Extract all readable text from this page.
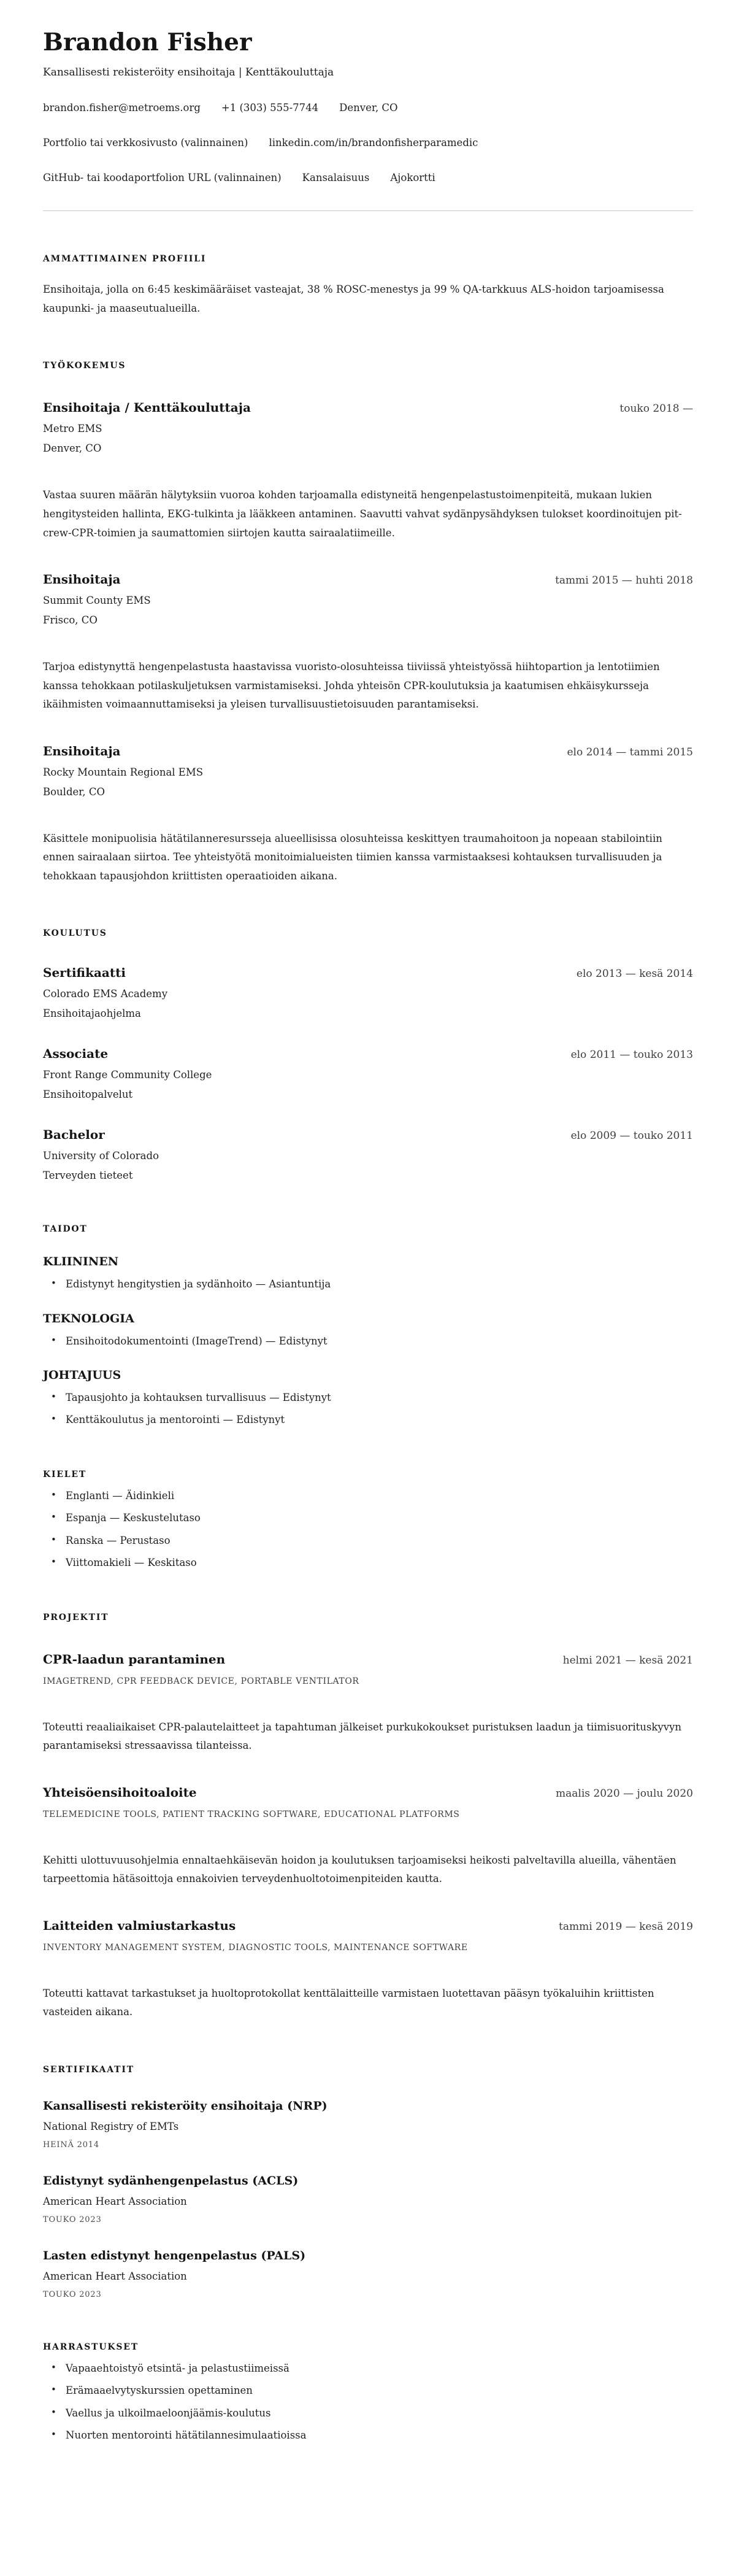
Brandon Fisher
Kansallisesti rekisteröity ensihoitaja | Kenttäkouluttaja
brandon.fisher@metroems.org +1 (303) 555-7744 Denver, CO
Portfolio tai verkkosivusto (valinnainen) linkedin.com/in/brandonfisherparamedic
GitHub- tai koodaportfolion URL (valinnainen) Kansalaisuus Ajokortti
AMMATTIMAINEN PROFIILI

Ensihoitaja, jolla on 6:45 keskimääräiset vasteajat, 38 % ROSC-menestys ja 99 % QA-tarkkuus ALS-hoidon tarjoamisessa kaupunki- ja maaseutualueilla.

TYÖKOKEMUS
Ensihoitaja / Kenttäkouluttaja	touko 2018 —
Metro EMS
Denver, CO

Vastaa suuren määrän hälytyksiin vuoroa kohden tarjoamalla edistyneitä hengenpelastustoimenpiteitä, mukaan lukien hengitysteiden hallinta, EKG-tulkinta ja lääkkeen antaminen. Saavutti vahvat sydänpysähdyksen tulokset koordinoitujen pit-crew-CPR-toimien ja saumattomien siirtojen kautta sairaalatiimeille.

Ensihoitaja	tammi 2015 — huhti 2018
Summit County EMS
Frisco, CO

Tarjoa edistynyttä hengenpelastusta haastavissa vuoristo-olosuhteissa tiiviissä yhteistyössä hiihtopartion ja lentotiimien kanssa tehokkaan potilaskuljetuksen varmistamiseksi. Johda yhteisön CPR-koulutuksia ja kaatumisen ehkäisykursseja ikäihmisten voimaannuttamiseksi ja yleisen turvallisuustietoisuuden parantamiseksi.

Ensihoitaja	elo 2014 — tammi 2015
Rocky Mountain Regional EMS
Boulder, CO

Käsittele monipuolisia hätätilanneresursseja alueellisissa olosuhteissa keskittyen traumahoitoon ja nopeaan stabilointiin ennen sairaalaan siirtoa. Tee yhteistyötä monitoimialueisten tiimien kanssa varmistaaksesi kohtauksen turvallisuuden ja tehokkaan tapausjohdon kriittisten operaatioiden aikana.

KOULUTUS
Sertifikaatti	elo 2013 — kesä 2014
Colorado EMS Academy
Ensihoitajaohjelma
Associate	elo 2011 — touko 2013
Front Range Community College
Ensihoitopalvelut
Bachelor	elo 2009 — touko 2011
University of Colorado
Terveyden tieteet
TAIDOT
KLIININEN
• Edistynyt hengitystien ja sydänhoito — Asiantuntija
TEKNOLOGIA
• Ensihoitodokumentointi (ImageTrend) — Edistynyt
JOHTAJUUS
• Tapausjohto ja kohtauksen turvallisuus — Edistynyt
• Kenttäkoulutus ja mentorointi — Edistynyt
KIELET
• Englanti — Äidinkieli
• Espanja — Keskustelutaso
• Ranska — Perustaso
• Viittomakieli — Keskitaso
PROJEKTIT
CPR-laadun parantaminen	helmi 2021 — kesä 2021
IMAGETREND, CPR FEEDBACK DEVICE, PORTABLE VENTILATOR

Toteutti reaaliaikaiset CPR-palautelaitteet ja tapahtuman jälkeiset purkukokoukset puristuksen laadun ja tiimisuorituskyvyn parantamiseksi stressaavissa tilanteissa.

Yhteisöensihoitoaloite	maalis 2020 — joulu 2020
TELEMEDICINE TOOLS, PATIENT TRACKING SOFTWARE, EDUCATIONAL PLATFORMS

Kehitti ulottuvuusohjelmia ennaltaehkäisevän hoidon ja koulutuksen tarjoamiseksi heikosti palveltavilla alueilla, vähentäen tarpeettomia hätäsoittoja ennakoivien terveydenhuoltotoimenpiteiden kautta.

Laitteiden valmiustarkastus	tammi 2019 — kesä 2019
INVENTORY MANAGEMENT SYSTEM, DIAGNOSTIC TOOLS, MAINTENANCE SOFTWARE

Toteutti kattavat tarkastukset ja huoltoprotokollat kenttälaitteille varmistaen luotettavan pääsyn työkaluihin kriittisten vasteiden aikana.

SERTIFIKAATIT
Kansallisesti rekisteröity ensihoitaja (NRP)
National Registry of EMTs
HEINÄ 2014
Edistynyt sydänhengenpelastus (ACLS)
American Heart Association
TOUKO 2023
Lasten edistynyt hengenpelastus (PALS)
American Heart Association
TOUKO 2023
HARRASTUKSET
• Vapaaehtoistyö etsintä- ja pelastustiimeissä
• Erämaaelvytyskurssien opettaminen
• Vaellus ja ulkoilmaeloonjäämis-koulutus
• Nuorten mentorointi hätätilannesimulaatioissa
